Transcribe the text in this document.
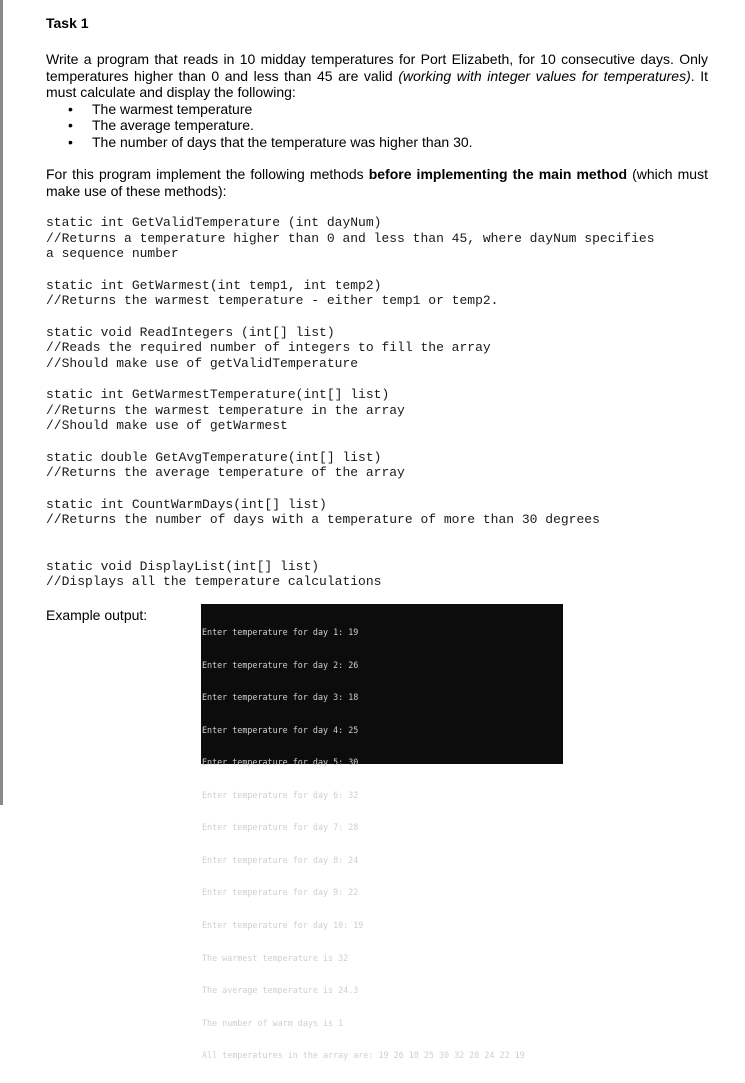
Task 1

Write a program that reads in 10 midday temperatures for Port Elizabeth, for 10 consecutive days. Only temperatures higher than 0 and less than 45 are valid (working with integer values for temperatures). It must calculate and display the following:

• The warmest temperature
• The average temperature.
• The number of days that the temperature was higher than 30.

For this program implement the following methods before implementing the main method (which must make use of these methods):

static int GetValidTemperature (int dayNum)
//Returns a temperature higher than 0 and less than 45, where dayNum specifies
a sequence number
static int GetWarmest(int temp1, int temp2)
//Returns the warmest temperature - either temp1 or temp2.
static void ReadIntegers (int[] list)
//Reads the required number of integers to fill the array
//Should make use of getValidTemperature
static int GetWarmestTemperature(int[] list)
//Returns the warmest temperature in the array
//Should make use of getWarmest
static double GetAvgTemperature(int[] list)
//Returns the average temperature of the array
static int CountWarmDays(int[] list)
//Returns the number of days with a temperature of more than 30 degrees
static void DisplayList(int[] list)
//Displays all the temperature calculations
Example output:

Enter temperature for day 1: 19

Enter temperature for day 2: 26

Enter temperature for day 3: 18

Enter temperature for day 4: 25

Enter temperature for day 5: 30

Enter temperature for day 6: 32

Enter temperature for day 7: 28

Enter temperature for day 8: 24

Enter temperature for day 9: 22

Enter temperature for day 10: 19

The warmest temperature is 32

The average temperature is 24.3

The number of warm days is 1

All temperatures in the array are: 19 26 18 25 30 32 28 24 22 19
